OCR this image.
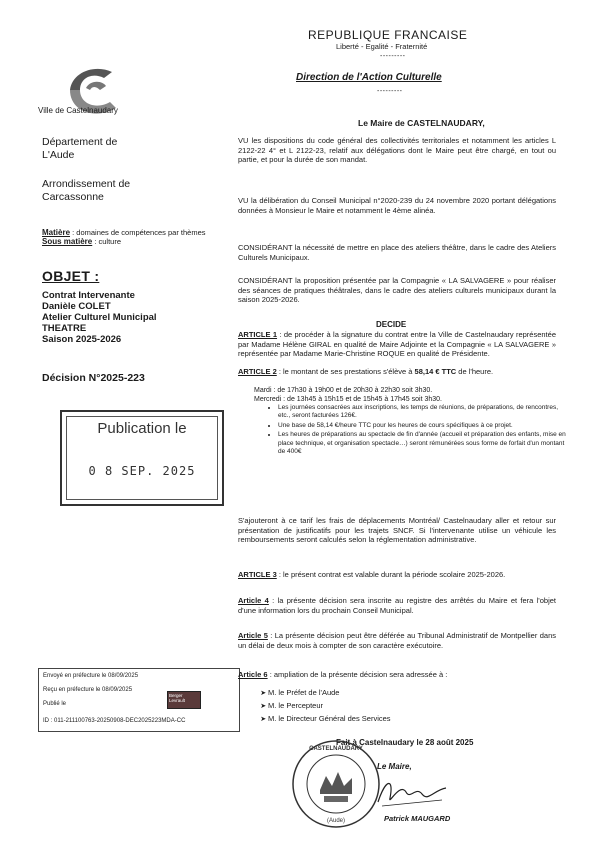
Ville de Castelnaudary
Département de L'Aude
Arrondissement de Carcassonne
Matière : domaines de compétences par thèmes
Sous matière : culture
OBJET :
Contrat Intervenante
Danièle COLET
Atelier Culturel Municipal
THEATRE
Saison 2025-2026
Décision N°2025-223
Publication le
0 8 SEP. 2025
Envoyé en préfecture le 08/09/2025
Reçu en préfecture le 08/09/2025
Publié le
Berger Levrault
ID : 011-211100763-20250908-DEC2025223MDA-CC
REPUBLIQUE FRANCAISE
Liberté - Egalité - Fraternité
---------
Direction de l'Action Culturelle
---------
Le Maire de CASTELNAUDARY,
VU les dispositions du code général des collectivités territoriales et notamment les articles L 2122-22 4° et L 2122-23, relatif aux délégations dont le Maire peut être chargé, en tout ou partie, et pour la durée de son mandat.
VU la délibération du Conseil Municipal n°2020-239 du 24 novembre 2020 portant délégations données à Monsieur le Maire et notamment le 4ème alinéa.
CONSIDÉRANT la nécessité de mettre en place des ateliers théâtre, dans le cadre des Ateliers Culturels Municipaux.
CONSIDÉRANT la proposition présentée par la Compagnie « LA SALVAGERE » pour réaliser des séances de pratiques théâtrales, dans le cadre des ateliers culturels municipaux durant la saison 2025-2026.
DECIDE
ARTICLE 1 : de procéder à la signature du contrat entre la Ville de Castelnaudary représentée par Madame Hélène GIRAL en qualité de Maire Adjointe et la Compagnie « LA SALVAGERE » représentée par Madame Marie-Christine ROQUE en qualité de Présidente.
ARTICLE 2 : le montant de ses prestations s'élève à 58,14 € TTC de l'heure.
Mardi : de 17h30 à 19h00 et de 20h30 à 22h30 soit 3h30.
Mercredi : de 13h45 à 15h15 et de 15h45 à 17h45 soit 3h30.
• Les journées consacrées aux inscriptions, les temps de réunions, de préparations, de rencontres, etc., seront facturées 126€.
• Une base de 58,14 €/heure TTC pour les heures de cours spécifiques à ce projet.
• Les heures de préparations au spectacle de fin d'année (accueil et préparation des enfants, mise en place technique, et organisation spectacle…) seront rémunérées sous forme de forfait d'un montant de 400€
S'ajouteront à ce tarif les frais de déplacements Montréal/ Castelnaudary aller et retour sur présentation de justificatifs pour les trajets SNCF. Si l'intervenante utilise un véhicule les remboursements seront calculés selon la réglementation administrative.
ARTICLE 3 : le présent contrat est valable durant la période scolaire 2025-2026.
Article 4 : la présente décision sera inscrite au registre des arrêtés du Maire et fera l'objet d'une information lors du prochain Conseil Municipal.
Article 5 : La présente décision peut être déférée au Tribunal Administratif de Montpellier dans un délai de deux mois à compter de son caractère exécutoire.
Article 6 : ampliation de la présente décision sera adressée à :
• M. le Préfet de l'Aude
• M. le Percepteur
• M. le Directeur Général des Services
Fait à Castelnaudary le 28 août 2025
(Aude)
CASTELNAUDARY
Le Maire,
Patrick MAUGARD
